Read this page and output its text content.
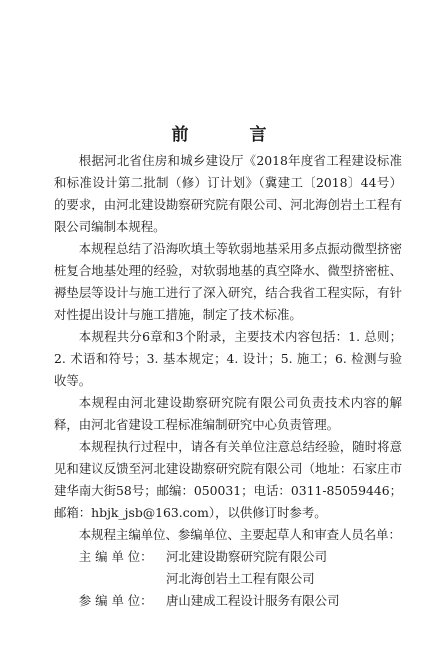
前　言

根据河北省住房和城乡建设厅《2018年度省工程建设标准和标准设计第二批制（修）订计划》（冀建工〔2018〕44号）的要求，由河北建设勘察研究院有限公司、河北海创岩土工程有限公司编制本规程。

本规程总结了沿海吹填土等软弱地基采用多点振动微型挤密桩复合地基处理的经验，对软弱地基的真空降水、微型挤密桩、褥垫层等设计与施工进行了深入研究，结合我省工程实际，有针对性提出设计与施工措施，制定了技术标准。

本规程共分6章和3个附录，主要技术内容包括：1. 总则；2. 术语和符号；3. 基本规定；4. 设计；5. 施工；6. 检测与验收等。

本规程由河北建设勘察研究院有限公司负责技术内容的解释，由河北省建设工程标准编制研究中心负责管理。

本规程执行过程中，请各有关单位注意总结经验，随时将意见和建议反馈至河北建设勘察研究院有限公司（地址：石家庄市建华南大街58号；邮编：050031；电话：0311-85059446；邮箱：hbjk_jsb@163.com），以供修订时参考。

本规程主编单位、参编单位、主要起草人和审查人员名单：

主 编 单 位：	河北建设勘察研究院有限公司
河北海创岩土工程有限公司
参 编 单 位：	唐山建成工程设计服务有限公司
